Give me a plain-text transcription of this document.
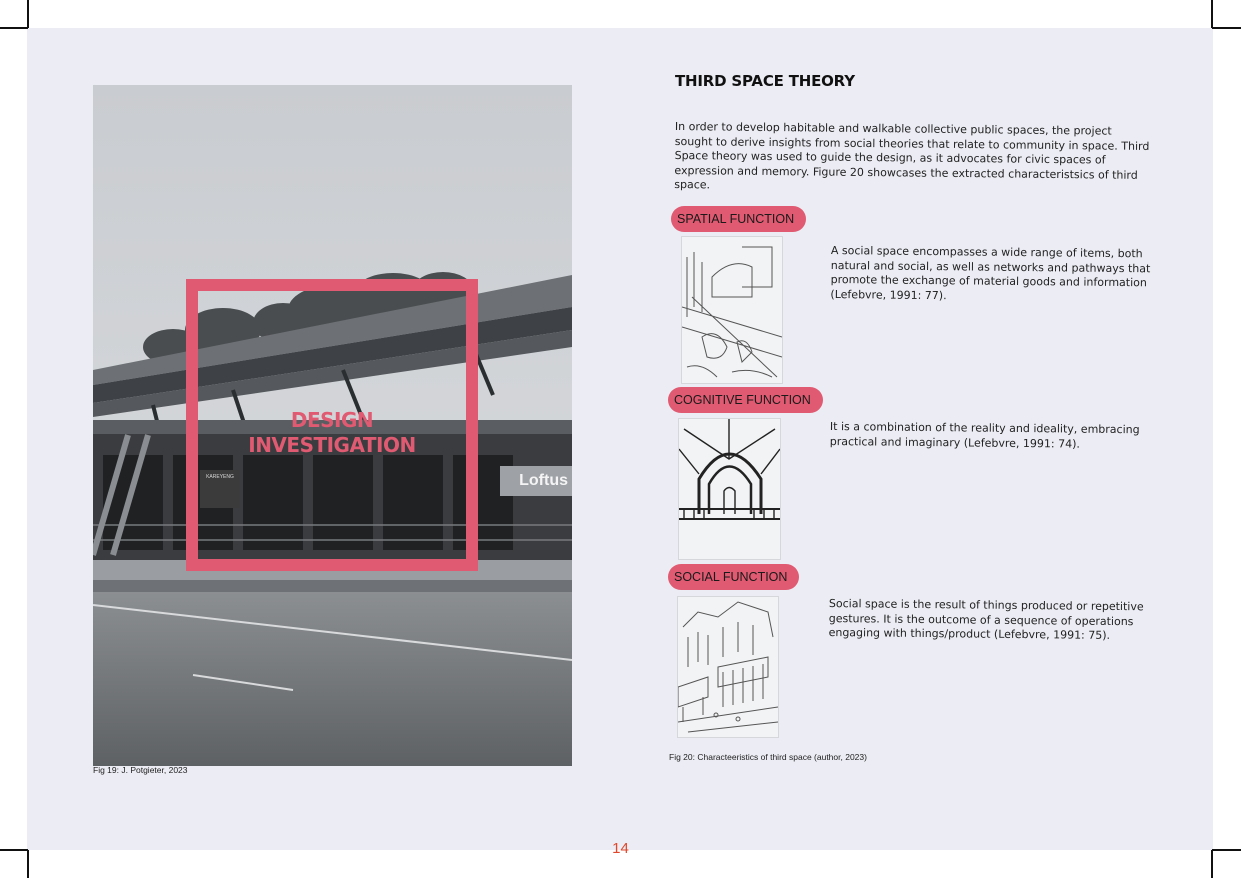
KAREYENG	Loftus
DESIGN
INVESTIGATION
Fig 19: J. Potgieter, 2023
THIRD SPACE THEORY
In order to develop habitable and walkable collective public spaces, the project sought to derive insights from social theories that relate to community in space. Third Space theory was used to guide the design, as it advocates for civic spaces of expression and memory. Figure 20 showcases the extracted characteristsics of third space.
SPATIAL FUNCTION
A social space encompasses a wide range of items, both natural and social, as well as networks and pathways that promote the exchange of material goods and information (Lefebvre, 1991: 77).
COGNITIVE FUNCTION
It is a combination of the reality and ideality, embracing practical and imaginary (Lefebvre, 1991: 74).
SOCIAL FUNCTION
Social space is the result of things produced or repetitive gestures. It is the outcome of a sequence of operations engaging with things/product (Lefebvre, 1991: 75).
Fig 20: Characteeristics of third space (author, 2023)
14
